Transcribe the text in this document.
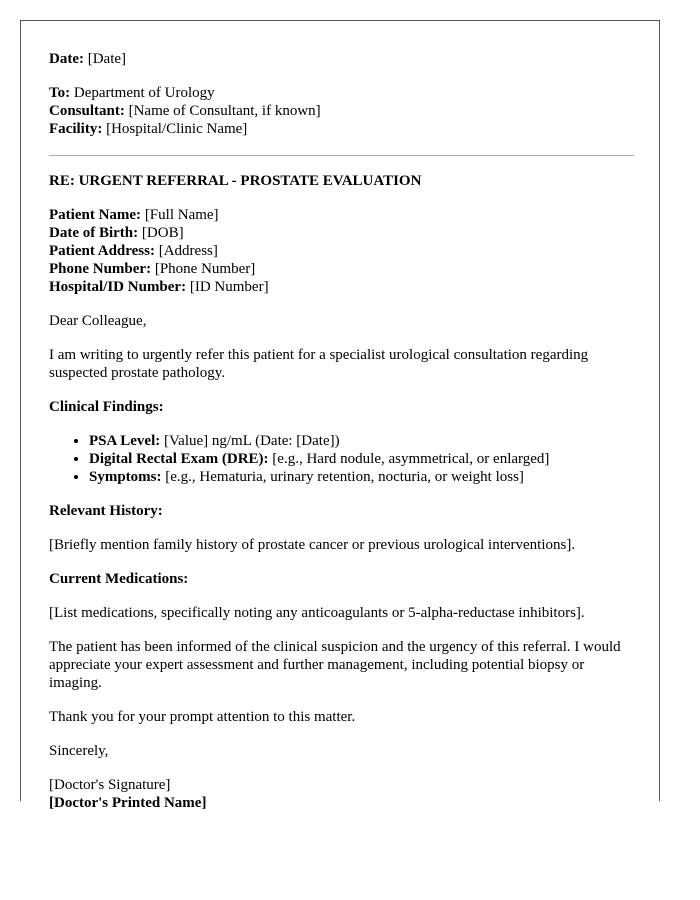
Date: [Date]

To: Department of Urology

Consultant: [Name of Consultant, if known]

Facility: [Hospital/Clinic Name]

RE: URGENT REFERRAL - PROSTATE EVALUATION

Patient Name: [Full Name]

Date of Birth: [DOB]

Patient Address: [Address]

Phone Number: [Phone Number]

Hospital/ID Number: [ID Number]

Dear Colleague,

I am writing to urgently refer this patient for a specialist urological consultation regarding suspected prostate pathology.

Clinical Findings:

• PSA Level: [Value] ng/mL (Date: [Date])
• Digital Rectal Exam (DRE): [e.g., Hard nodule, asymmetrical, or enlarged]
• Symptoms: [e.g., Hematuria, urinary retention, nocturia, or weight loss]

Relevant History:

[Briefly mention family history of prostate cancer or previous urological interventions].

Current Medications:

[List medications, specifically noting any anticoagulants or 5-alpha-reductase inhibitors].

The patient has been informed of the clinical suspicion and the urgency of this referral. I would appreciate your expert assessment and further management, including potential biopsy or imaging.

Thank you for your prompt attention to this matter.

Sincerely,

[Doctor's Signature]

[Doctor's Printed Name]
